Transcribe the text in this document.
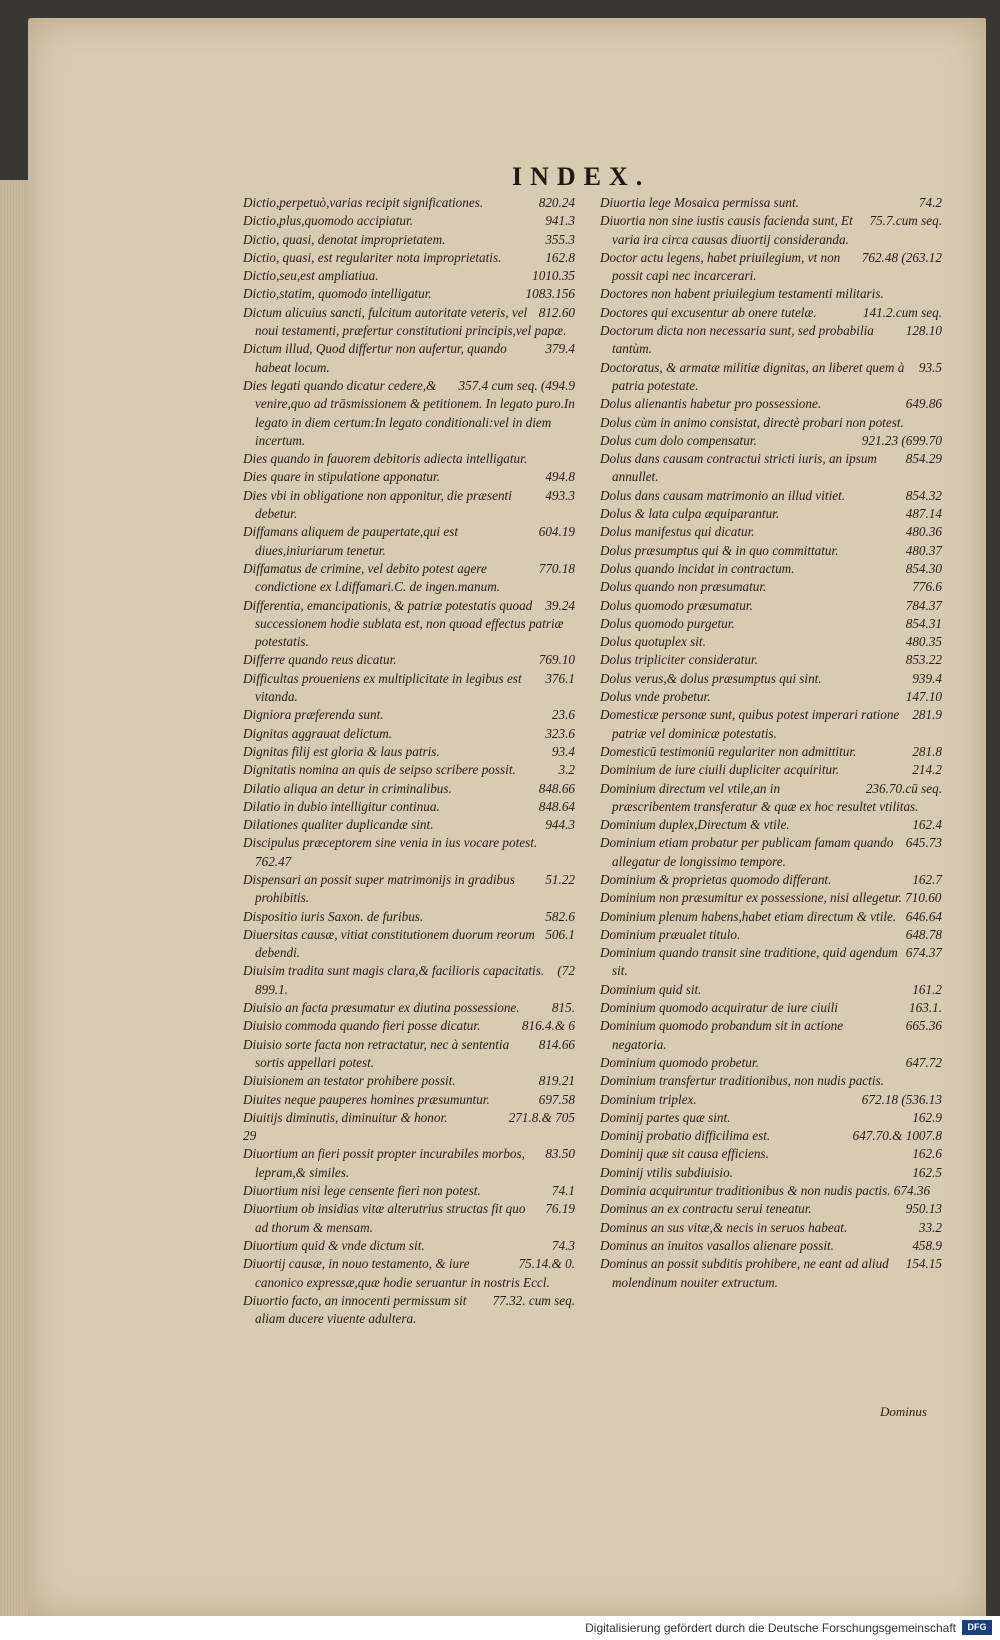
INDEX.

820.24
Dictio,perpetuò,varias recipit significationes.

941.3
Dictio,plus,quomodo accipiatur.

355.3
Dictio, quasi, denotat improprietatem.

162.8
Dictio, quasi, est regulariter nota improprietatis.

1010.35
Dictio,seu,est ampliatiua.

1083.156
Dictio,statim, quomodo intelligatur.

812.60
Dictum alicuius sancti, fulcitum autoritate veteris, vel noui testamenti, præfertur constitutioni principis,vel papæ.

379.4
Dictum illud, Quod differtur non aufertur, quando habeat locum.

357.4 cum seq. (494.9
Dies legati quando dicatur cedere,& venire,quo ad trāsmissionem & petitionem. In legato puro.In legato in diem certum:In legato conditionali:vel in diem incertum.

Dies quando in fauorem debitoris adiecta intelligatur.

494.8
Dies quare in stipulatione apponatur.

493.3
Dies vbi in obligatione non apponitur, die præsenti debetur.

604.19
Diffamans aliquem de paupertate,qui est diues,iniuriarum tenetur.

770.18
Diffamatus de crimine, vel debito potest agere condictione ex l.diffamari.C. de ingen.manum.

39.24
Differentia, emancipationis, & patriæ potestatis quoad successionem hodie sublata est, non quoad effectus patriæ potestatis.

769.10
Differre quando reus dicatur.

376.1
Difficultas proueniens ex multiplicitate in legibus est vitanda.

23.6
Digniora præferenda sunt.

323.6
Dignitas aggrauat delictum.

93.4
Dignitas filij est gloria & laus patris.

3.2
Dignitatis nomina an quis de seipso scribere possit.

848.66
Dilatio aliqua an detur in criminalibus.

848.64
Dilatio in dubio intelligitur continua.

944.3
Dilationes qualiter duplicandæ sint.

Discipulus præceptorem sine venia in ius vocare potest. 762.47

51.22
Dispensari an possit super matrimonijs in gradibus prohibitis.

582.6
Dispositio iuris Saxon. de furibus.

506.1
Diuersitas causæ, vitiat constitutionem duorum reorum debendi.

(72
Diuisim tradita sunt magis clara,& facilioris capacitatis. 899.1.

815.
Diuisio an facta præsumatur ex diutina possessione.

816.4.& 6
Diuisio commoda quando fieri posse dicatur.

814.66
Diuisio sorte facta non retractatur, nec à sententia sortis appellari potest.

819.21
Diuisionem an testator prohibere possit.

697.58
Diuites neque pauperes homines præsumuntur.

271.8.& 705
Diuitijs diminutis, diminuitur & honor.

29

83.50
Diuortium an fieri possit propter incurabiles morbos, lepram,& similes.

74.1
Diuortium nisi lege censente fieri non potest.

76.19
Diuortium ob insidias vitæ alterutrius structas fit quo ad thorum & mensam.

74.3
Diuortium quid & vnde dictum sit.

75.14.& 0.
Diuortij causæ, in nouo testamento, & iure canonico expressæ,quæ hodie seruantur in nostris Eccl.

77.32. cum seq.
Diuortio facto, an innocenti permissum sit aliam ducere viuente adultera.

74.2
Diuortia lege Mosaica permissa sunt.

75.7.cum seq.
Diuortia non sine iustis causis facienda sunt, Et varia ira circa causas diuortij consideranda.

762.48 (263.12
Doctor actu legens, habet priuilegium, vt non possit capi nec incarcerari.

Doctores non habent priuilegium testamenti militaris.

141.2.cum seq.
Doctores qui excusentur ab onere tutelæ.

128.10
Doctorum dicta non necessaria sunt, sed probabilia tantùm.

93.5
Doctoratus, & armatæ militiæ dignitas, an liberet quem à patria potestate.

649.86
Dolus alienantis habetur pro possessione.

Dolus cùm in animo consistat, directè probari non potest.

921.23 (699.70
Dolus cum dolo compensatur.

854.29
Dolus dans causam contractui stricti iuris, an ipsum annullet.

854.32
Dolus dans causam matrimonio an illud vitiet.

487.14
Dolus & lata culpa æquiparantur.

480.36
Dolus manifestus qui dicatur.

480.37
Dolus præsumptus qui & in quo committatur.

854.30
Dolus quando incidat in contractum.

776.6
Dolus quando non præsumatur.

784.37
Dolus quomodo præsumatur.

854.31
Dolus quomodo purgetur.

480.35
Dolus quotuplex sit.

853.22
Dolus tripliciter consideratur.

939.4
Dolus verus,& dolus præsumptus qui sint.

147.10
Dolus vnde probetur.

281.9
Domesticæ personæ sunt, quibus potest imperari ratione patriæ vel dominicæ potestatis.

281.8
Domesticū testimoniū regulariter non admittitur.

214.2
Dominium de iure ciuili dupliciter acquiritur.

236.70.cū seq.
Dominium directum vel vtile,an in præscribentem transferatur & quæ ex hoc resultet vtilitas.

162.4
Dominium duplex,Directum & vtile.

645.73
Dominium etiam probatur per publicam famam quando allegatur de longissimo tempore.

162.7
Dominium & proprietas quomodo differant.

Dominium non præsumitur ex possessione, nisi allegetur. 710.60

646.64
Dominium plenum habens,habet etiam directum & vtile.

648.78
Dominium præualet titulo.

674.37
Dominium quando transit sine traditione, quid agendum sit.

161.2
Dominium quid sit.

163.1.
Dominium quomodo acquiratur de iure ciuili

665.36
Dominium quomodo probandum sit in actione negatoria.

647.72
Dominium quomodo probetur.

Dominium transfertur traditionibus, non nudis pactis.

672.18 (536.13
Dominium triplex.

162.9
Dominij partes quæ sint.

647.70.& 1007.8
Dominij probatio difficilima est.

162.6
Dominij quæ sit causa efficiens.

162.5
Dominij vtilis subdiuisio.

Dominia acquiruntur traditionibus & non nudis pactis. 674.36

950.13
Dominus an ex contractu serui teneatur.

33.2
Dominus an sus vitæ,& necis in seruos habeat.

458.9
Dominus an inuitos vasallos alienare possit.

154.15
Dominus an possit subditis prohibere, ne eant ad aliud molendinum nouiter extructum.

Dominus
Digitalisierung gefördert durch die Deutsche Forschungsgemeinschaft	DFG
